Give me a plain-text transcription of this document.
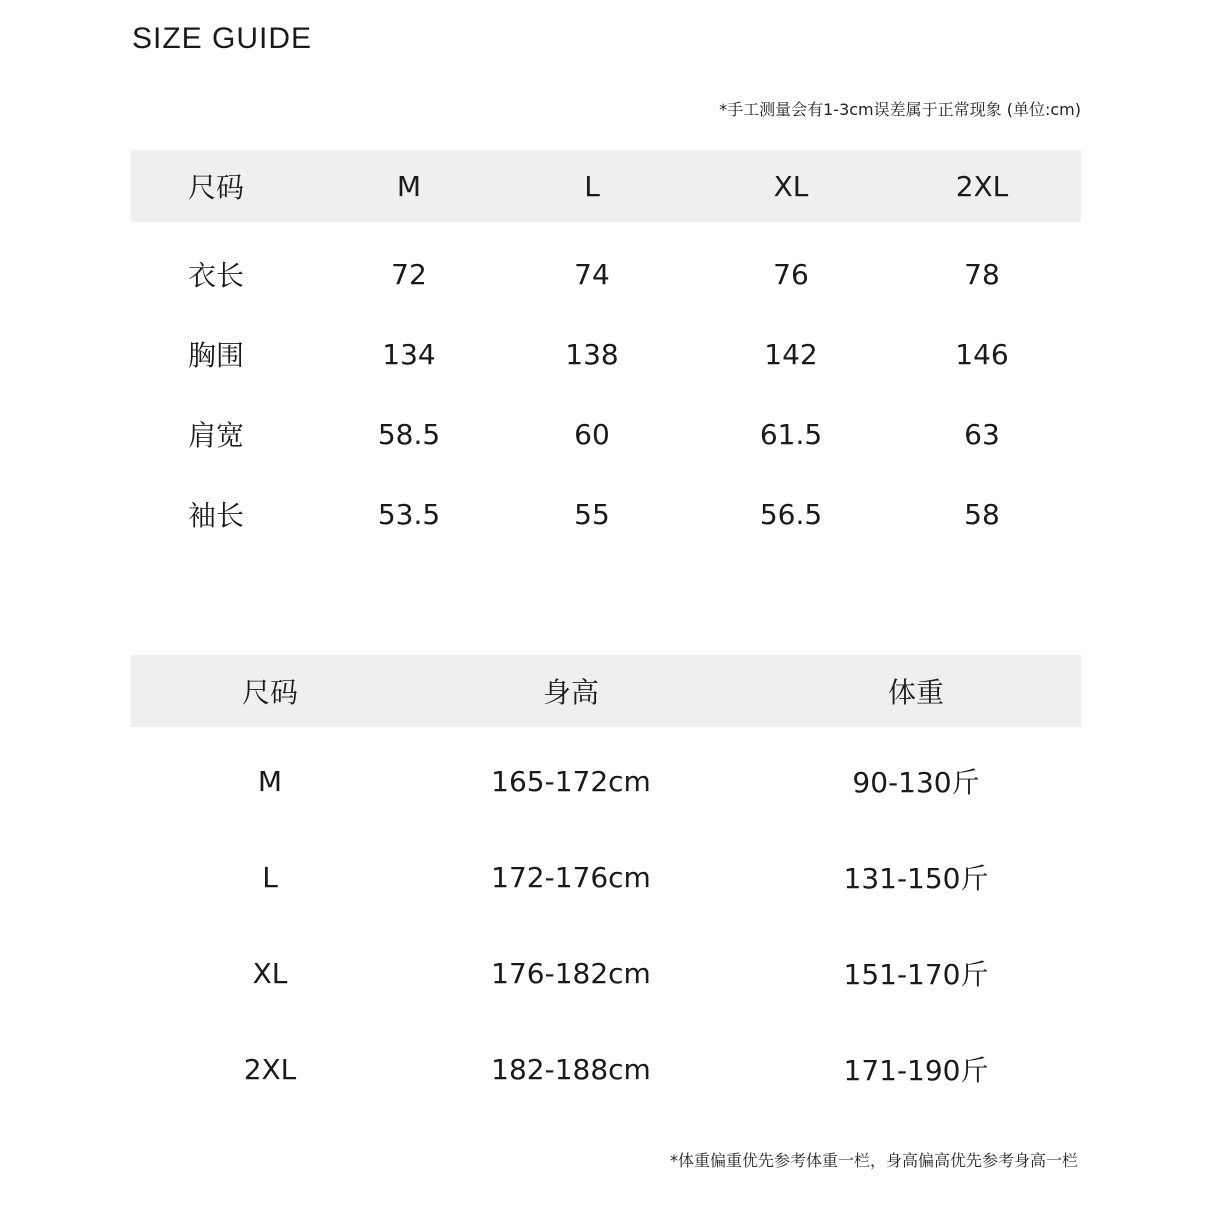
SIZE GUIDE
*手工测量会有1-3cm误差属于正常现象 (单位:cm)
尺码	M	L	XL	2XL
衣长	72	74	76	78
胸围	134	138	142	146
肩宽	58.5	60	61.5	63
袖长	53.5	55	56.5	58
尺码	身高	体重
M	165-172cm	90-130斤
L	172-176cm	131-150斤
XL	176-182cm	151-170斤
2XL	182-188cm	171-190斤
*体重偏重优先参考体重一栏，身高偏高优先参考身高一栏
